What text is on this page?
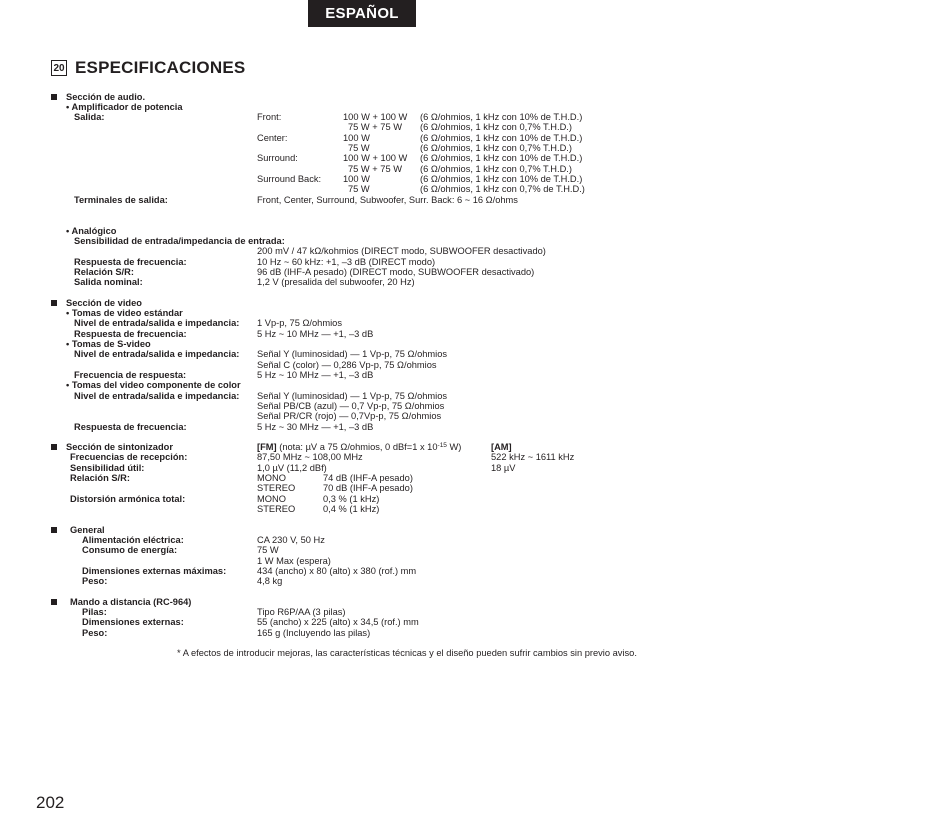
ESPAÑOL
20 ESPECIFICACIONES
Sección de audio.
• Amplificador de potencia
Salida:	Front:	100 W + 100 W (6 Ω/ohmios, 1 kHz con 10% de T.H.D.)
75 W + 75 W (6 Ω/ohmios, 1 kHz con 0,7% T.H.D.)
Center:	100 W	(6 Ω/ohmios, 1 kHz con 10% de T.H.D.)
75 W	(6 Ω/ohmios, 1 kHz con 0,7% T.H.D.)
Surround:	100 W + 100 W (6 Ω/ohmios, 1 kHz con 10% de T.H.D.)
75 W + 75 W (6 Ω/ohmios, 1 kHz con 0,7% T.H.D.)
Surround Back: 100 W	(6 Ω/ohmios, 1 kHz con 10% de T.H.D.)
75 W	(6 Ω/ohmios, 1 kHz con 0,7% de T.H.D.)
Terminales de salida:	Front, Center, Surround, Subwoofer, Surr. Back: 6 ~ 16 Ω/ohms
• Analógico
Sensibilidad de entrada/impedancia de entrada:
200 mV / 47 kΩ/kohmios (DIRECT modo, SUBWOOFER desactivado)
Respuesta de frecuencia:	10 Hz ~ 60 kHz: +1, –3 dB (DIRECT modo)
Relación S/R:	96 dB (IHF-A pesado) (DIRECT modo, SUBWOOFER desactivado)
Salida nominal:	1,2 V (presalida del subwoofer, 20 Hz)
Sección de video
• Tomas de video estándar
Nivel de entrada/salida e impedancia: 1 Vp-p, 75 Ω/ohmios
Respuesta de frecuencia:	5 Hz ~ 10 MHz — +1, –3 dB
• Tomas de S-video
Nivel de entrada/salida e impedancia: Señal Y (luminosidad) — 1 Vp-p, 75 Ω/ohmios
Señal C (color) — 0,286 Vp-p, 75 Ω/ohmios
Frecuencia de respuesta:	5 Hz ~ 10 MHz — +1, –3 dB
• Tomas del video componente de color
Nivel de entrada/salida e impedancia: Señal Y (luminosidad) — 1 Vp-p, 75 Ω/ohmios
Señal PB/CB (azul) — 0,7 Vp-p, 75 Ω/ohmios
Señal PR/CR (rojo) — 0,7Vp-p, 75 Ω/ohmios
Respuesta de frecuencia:	5 Hz ~ 30 MHz — +1, –3 dB
Sección de sintonizador	[FM] (nota: µV a 75 Ω/ohmios, 0 dBf=1 x $10^{-15}$ W)	[AM]
Frecuencias de recepción:	87,50 MHz ~ 108,00 MHz	522 kHz ~ 1611 kHz
Sensibilidad útil:	1,0 µV (11,2 dBf)	18 µV
Relación S/R:	MONO	74 dB (IHF-A pesado)
STEREO	70 dB (IHF-A pesado)
Distorsión armónica total:	MONO	0,3 % (1 kHz)
STEREO	0,4 % (1 kHz)
General
Alimentación eléctrica:	CA 230 V, 50 Hz
Consumo de energía:	75 W
1 W Max (espera)
Dimensiones externas máximas:	434 (ancho) x 80 (alto) x 380 (rof.) mm
Peso:	4,8 kg
Mando a distancia (RC-964)
Pilas:	Tipo R6P/AA (3 pilas)
Dimensiones externas:	55 (ancho) x 225 (alto) x 34,5 (rof.) mm
Peso:	165 g (Incluyendo las pilas)
* A efectos de introducir mejoras, las características técnicas y el diseño pueden sufrir cambios sin previo aviso.
202
